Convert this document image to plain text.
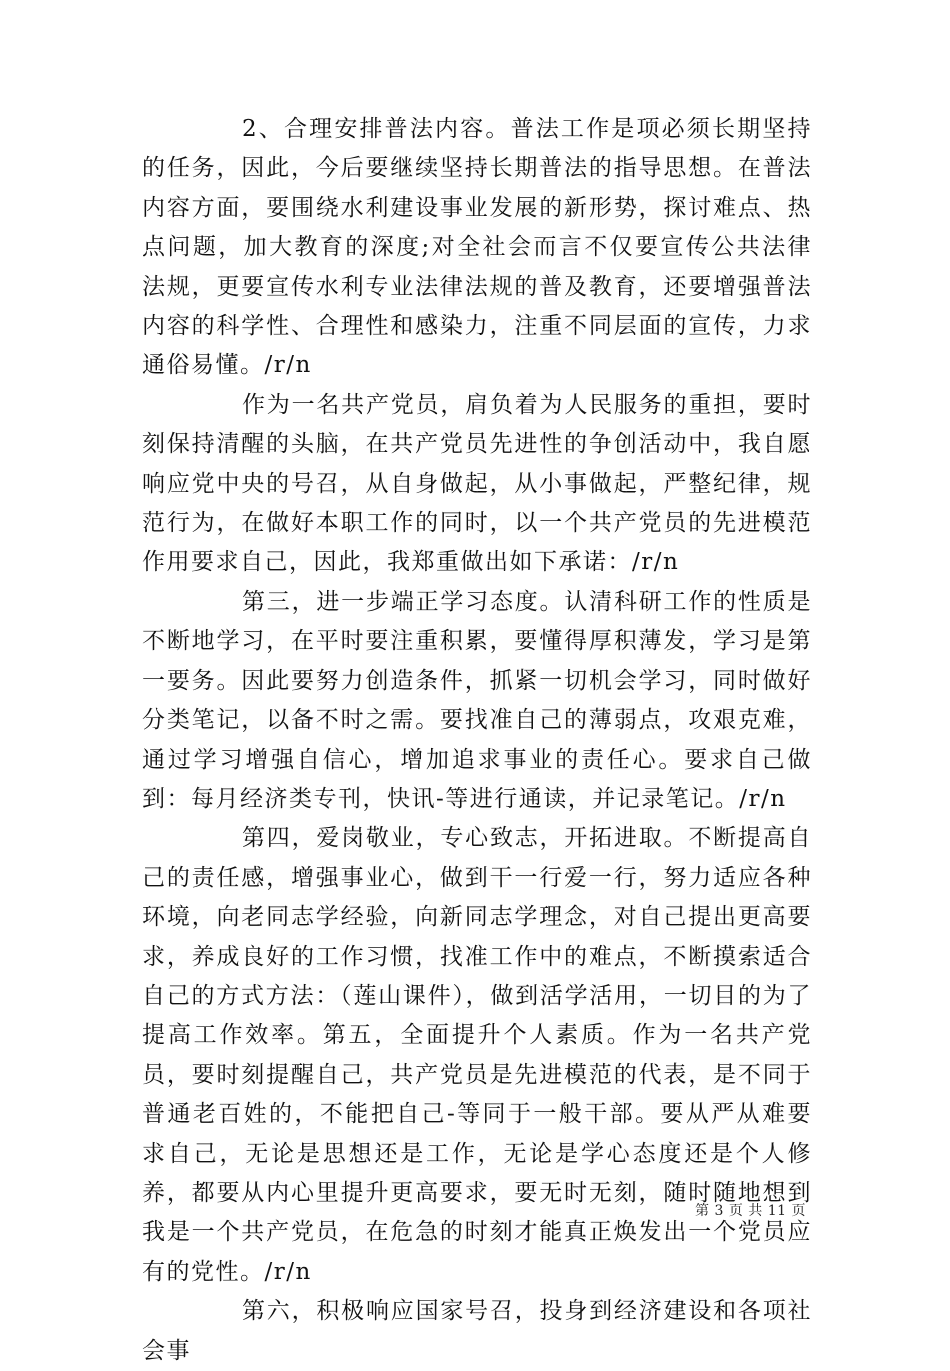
2、合理安排普法内容。普法工作是项必须长期坚持的任务，因此，今后要继续坚持长期普法的指导思想。在普法内容方面，要围绕水利建设事业发展的新形势，探讨难点、热点问题，加大教育的深度;对全社会而言不仅要宣传公共法律法规，更要宣传水利专业法律法规的普及教育，还要增强普法内容的科学性、合理性和感染力，注重不同层面的宣传，力求通俗易懂。/r/n

作为一名共产党员，肩负着为人民服务的重担，要时刻保持清醒的头脑，在共产党员先进性的争创活动中，我自愿响应党中央的号召，从自身做起，从小事做起，严整纪律，规范行为，在做好本职工作的同时，以一个共产党员的先进模范作用要求自己，因此，我郑重做出如下承诺：/r/n

第三，进一步端正学习态度。认清科研工作的性质是不断地学习，在平时要注重积累，要懂得厚积薄发，学习是第一要务。因此要努力创造条件，抓紧一切机会学习，同时做好分类笔记，以备不时之需。要找准自己的薄弱点，攻艰克难，通过学习增强自信心，增加追求事业的责任心。要求自己做到：每月经济类专刊，快讯-等进行通读，并记录笔记。/r/n

第四，爱岗敬业，专心致志，开拓进取。不断提高自己的责任感，增强事业心，做到干一行爱一行，努力适应各种环境，向老同志学经验，向新同志学理念，对自己提出更高要求，养成良好的工作习惯，找准工作中的难点，不断摸索适合自己的方式方法：（莲山课件），做到活学活用，一切目的为了提高工作效率。第五，全面提升个人素质。作为一名共产党员，要时刻提醒自己，共产党员是先进模范的代表，是不同于普通老百姓的，不能把自己-等同于一般干部。要从严从难要求自己，无论是思想还是工作，无论是学心态度还是个人修养，都要从内心里提升更高要求，要无时无刻，随时随地想到我是一个共产党员，在危急的时刻才能真正焕发出一个党员应有的党性。/r/n

第六，积极响应国家号召，投身到经济建设和各项社会事

第 3 页 共 11 页
